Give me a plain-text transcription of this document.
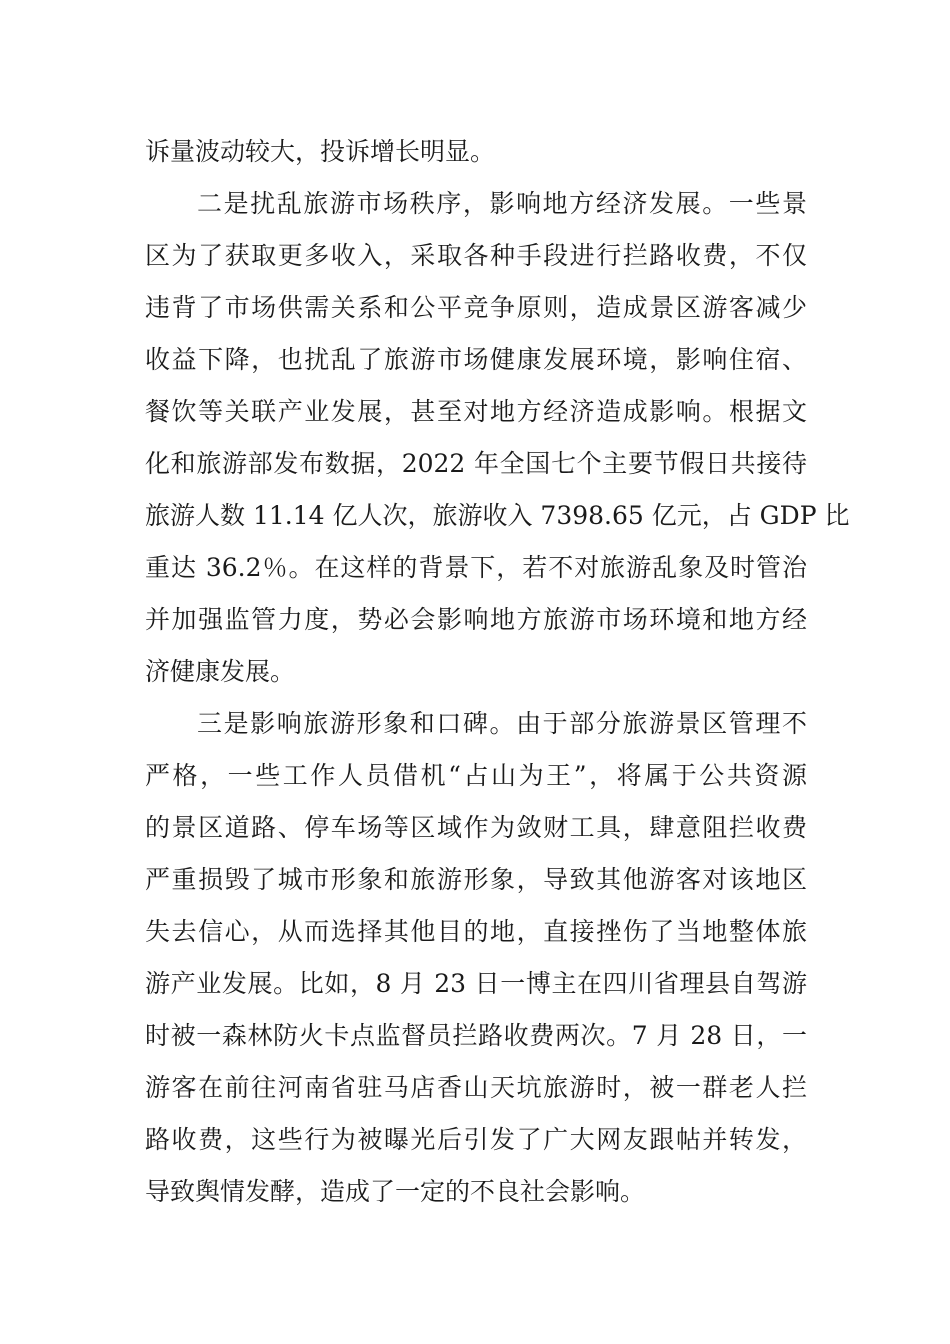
诉量波动较大，投诉增长明显。
二是扰乱旅游市场秩序，影响地方经济发展。一些景
区为了获取更多收入，采取各种手段进行拦路收费，不仅
违背了市场供需关系和公平竞争原则，造成景区游客减少
收益下降，也扰乱了旅游市场健康发展环境，影响住宿、
餐饮等关联产业发展，甚至对地方经济造成影响。根据文
化和旅游部发布数据，2022 年全国七个主要节假日共接待
旅游人数 11.14 亿人次，旅游收入 7398.65 亿元，占 GDP 比
重达 36.2％。在这样的背景下，若不对旅游乱象及时管治
并加强监管力度，势必会影响地方旅游市场环境和地方经
济健康发展。
三是影响旅游形象和口碑。由于部分旅游景区管理不
严格，一些工作人员借机“占山为王”，将属于公共资源
的景区道路、停车场等区域作为敛财工具，肆意阻拦收费
严重损毁了城市形象和旅游形象，导致其他游客对该地区
失去信心，从而选择其他目的地，直接挫伤了当地整体旅
游产业发展。比如，8 月 23 日一博主在四川省理县自驾游
时被一森林防火卡点监督员拦路收费两次。7 月 28 日，一
游客在前往河南省驻马店香山天坑旅游时，被一群老人拦
路收费，这些行为被曝光后引发了广大网友跟帖并转发，
导致舆情发酵，造成了一定的不良社会影响。
